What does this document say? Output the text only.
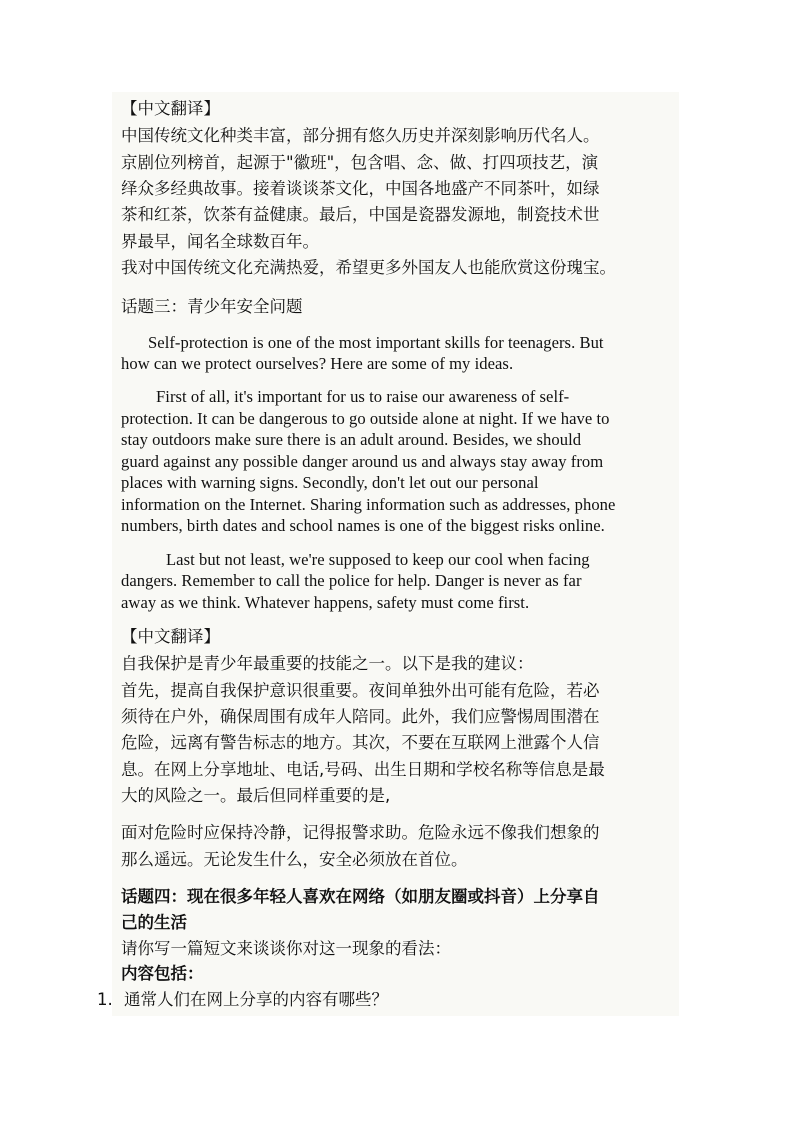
【中文翻译】
中国传统文化种类丰富，部分拥有悠久历史并深刻影响历代名人。
京剧位列榜首，起源于"徽班"，包含唱、念、做、打四项技艺，演
绎众多经典故事。接着谈谈茶文化，中国各地盛产不同茶叶，如绿
茶和红茶，饮茶有益健康。最后，中国是瓷器发源地，制瓷技术世
界最早，闻名全球数百年。
我对中国传统文化充满热爱，希望更多外国友人也能欣赏这份瑰宝。
话题三：青少年安全问题
Self-protection is one of the most important skills for teenagers. But
how can we protect ourselves? Here are some of my ideas.
First of all, it's important for us to raise our awareness of self-
protection. It can be dangerous to go outside alone at night. If we have to
stay outdoors make sure there is an adult around. Besides, we should
guard against any possible danger around us and always stay away from
places with warning signs. Secondly, don't let out our personal
information on the Internet. Sharing information such as addresses, phone
numbers, birth dates and school names is one of the biggest risks online.
Last but not least, we're supposed to keep our cool when facing
dangers. Remember to call the police for help. Danger is never as far
away as we think. Whatever happens, safety must come first.
【中文翻译】
自我保护是青少年最重要的技能之一。以下是我的建议：
首先，提高自我保护意识很重要。夜间单独外出可能有危险，若必
须待在户外，确保周围有成年人陪同。此外，我们应警惕周围潜在
危险，远离有警告标志的地方。其次，不要在互联网上泄露个人信
息。在网上分享地址、电话,号码、出生日期和学校名称等信息是最
大的风险之一。最后但同样重要的是,
面对危险时应保持冷静，记得报警求助。危险永远不像我们想象的
那么遥远。无论发生什么，安全必须放在首位。
话题四：现在很多年轻人喜欢在网络（如朋友圈或抖音）上分享自
己的生活
请你写一篇短文来谈谈你对这一现象的看法：
内容包括：
1. 通常人们在网上分享的内容有哪些？
